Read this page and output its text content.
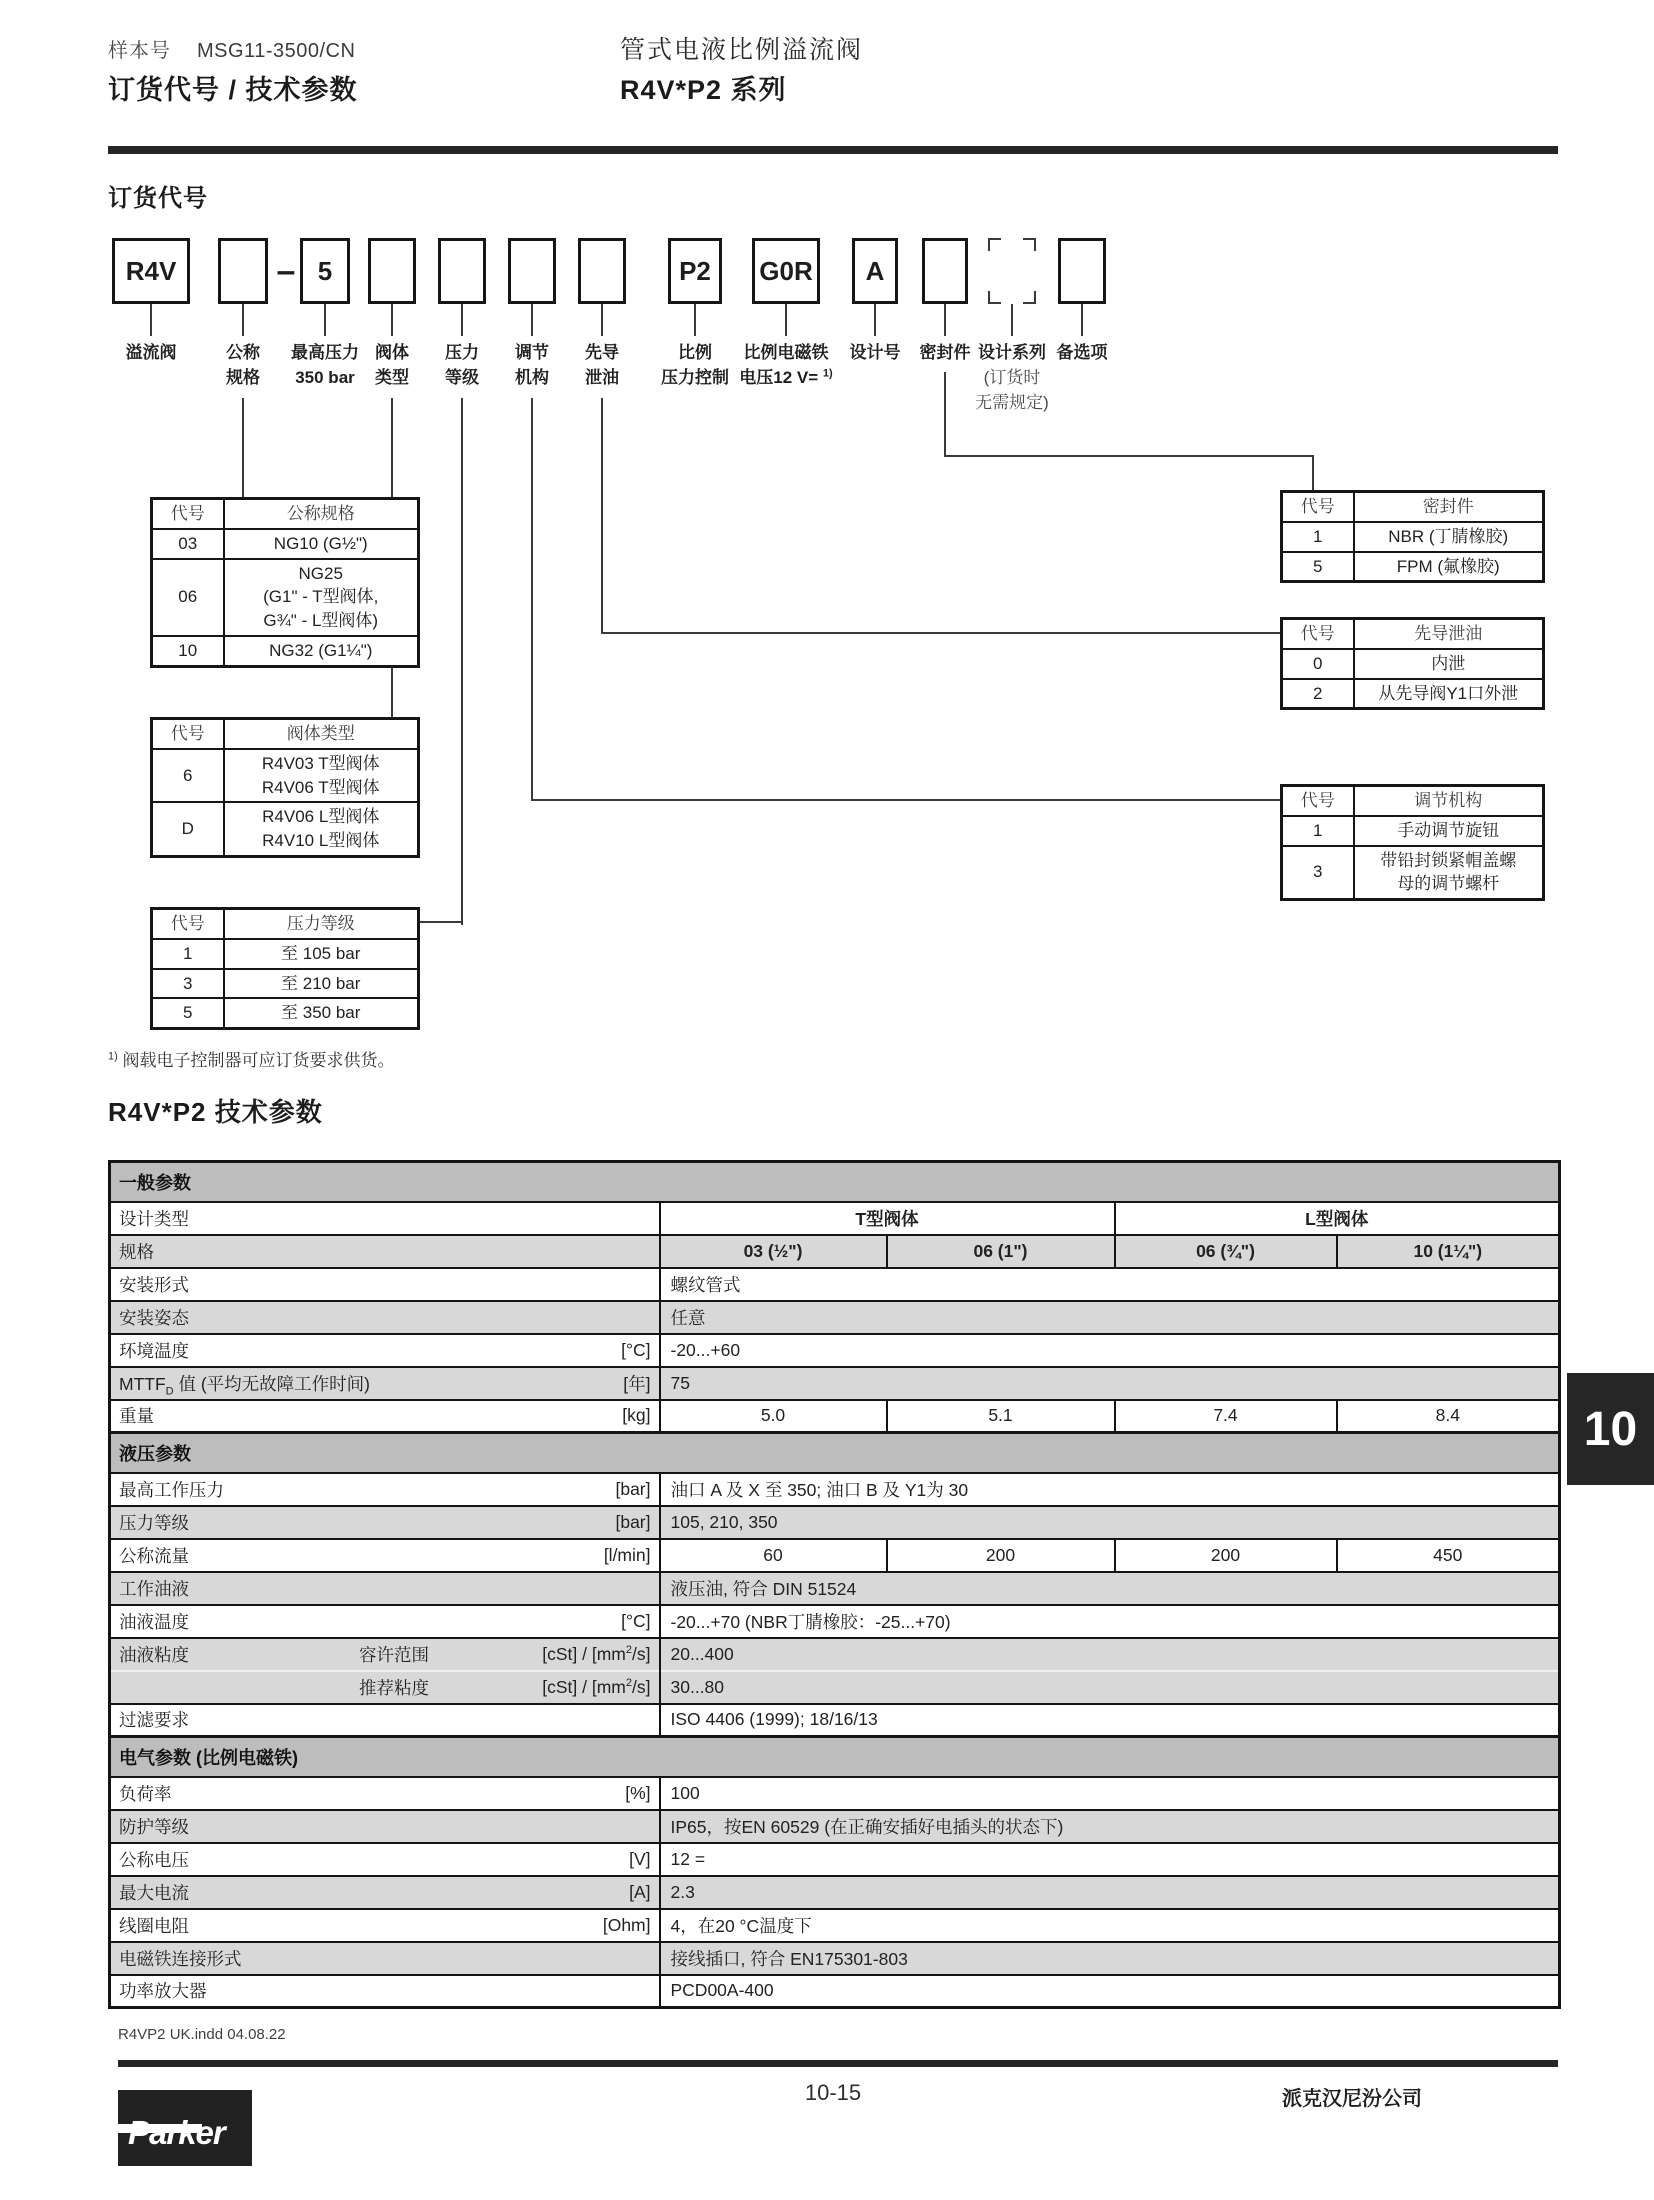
样本号 MSG11-3500/CN
订货代号 / 技术参数
管式电液比例溢流阀
R4V*P2 系列
订货代号
R4V
溢流阀	公称
规格
5
最高压力
350 bar
阀体
类型
压力
等级
调节
机构
先导
泄油
P2
比例
压力控制
G0R
比例电磁铁
电压12 V= $^{1)}$
A
设计号	密封件 设计系列
(订货时
无需规定)
备选项
–
代号	公称规格
03	NG10 (G½")
06	NG25
(G1" - T型阀体,
G¾" - L型阀体)
10	NG32 (G1¼")
代号	阀体类型
6	R4V03 T型阀体
R4V06 T型阀体
D	R4V06 L型阀体
R4V10 L型阀体
代号	压力等级
1	至 105 bar
3	至 210 bar
5	至 350 bar
代号	密封件
1	NBR (丁腈橡胶)
5	FPM (氟橡胶)
代号	先导泄油
0	内泄
2	从先导阀Y1口外泄
代号	调节机构
1	手动调节旋钮
3	带铅封锁紧帽盖螺
母的调节螺杆
$^{1)}$ 阀载电子控制器可应订货要求供货。
R4V*P2 技术参数
一般参数				

设计类型	T型阀体		L型阀体	

规格	03 (½")	06 (1")	06 (¾")	10 (1¼")

安装形式	螺纹管式			

安装姿态	任意			

环境温度 [°C]	-20...+60			

$MTTF_D$ 值 (平均无故障工作时间) [年]	75			

重量 [kg]	5.0	5.1	7.4	8.4
液压参数				

最高工作压力 [bar]	油口 A 及 X 至 350; 油口 B 及 Y1为 30			

压力等级 [bar]	105, 210, 350			

公称流量 [l/min]	60	200	200	450

工作油液	液压油, 符合 DIN 51524			

油液温度 [°C]	-20...+70 (NBR丁腈橡胶：-25...+70)			

油液粘度 容许范围 $[cSt] / [mm^2/s]$	20...400			

推荐粘度 $[cSt] / [mm^2/s]$	30...80			

过滤要求	ISO 4406 (1999); 18/16/13			
电气参数 (比例电磁铁)				

负荷率 [%]	100			

防护等级	IP65，按EN 60529 (在正确安插好电插头的状态下)			

公称电压 [V]	12 =			

最大电流 [A]	2.3			

线圈电阻 [Ohm]	4，在20 °C温度下			

电磁铁连接形式	接线插口, 符合 EN175301-803			

功率放大器	PCD00A-400			
10
R4VP2 UK.indd 04.08.22
10-15	派克汉尼汾公司
Parker
